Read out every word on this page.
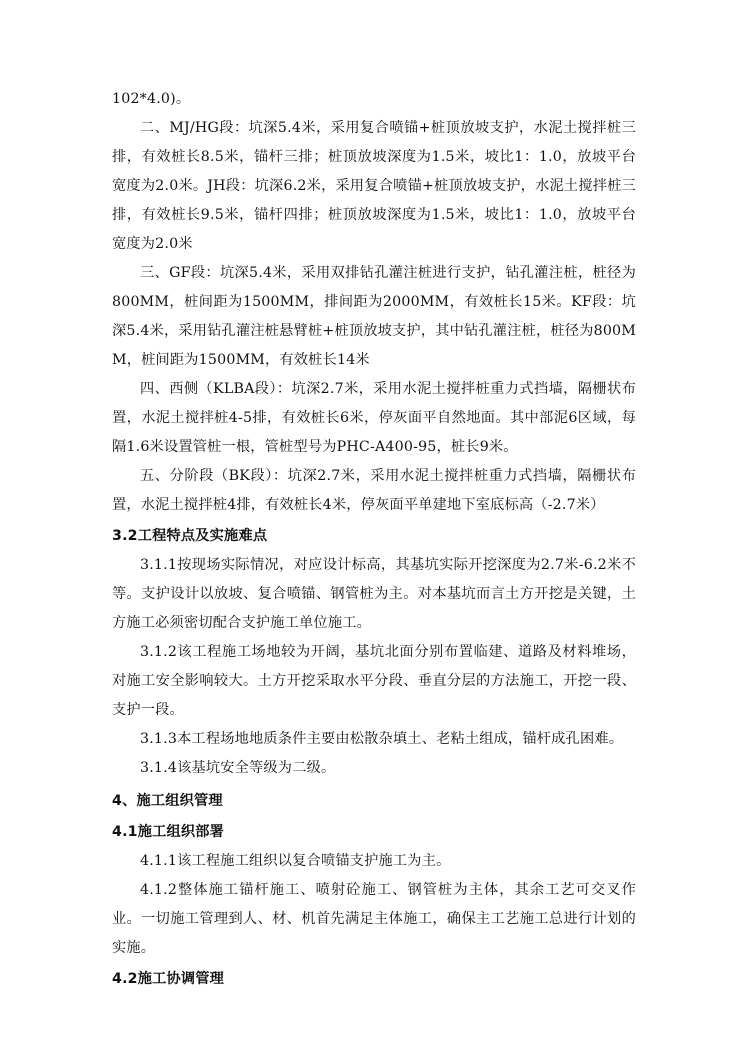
102*4.0)。

二、MJ/HG段：坑深5.4米，采用复合喷锚+桩顶放坡支护，水泥土搅拌桩三排，有效桩长8.5米，锚杆三排；桩顶放坡深度为1.5米，坡比1：1.0，放坡平台宽度为2.0米。JH段：坑深6.2米，采用复合喷锚+桩顶放坡支护，水泥土搅拌桩三排，有效桩长9.5米，锚杆四排；桩顶放坡深度为1.5米，坡比1：1.0，放坡平台宽度为2.0米

三、GF段：坑深5.4米，采用双排钻孔灌注桩进行支护，钻孔灌注桩，桩径为800MM，桩间距为1500MM，排间距为2000MM，有效桩长15米。KF段：坑深5.4米，采用钻孔灌注桩悬臂桩+桩顶放坡支护，其中钻孔灌注桩，桩径为800MM，桩间距为1500MM，有效桩长14米

四、西侧（KLBA段）：坑深2.7米，采用水泥土搅拌桩重力式挡墙，隔栅状布置，水泥土搅拌桩4-5排，有效桩长6米，停灰面平自然地面。其中部泥6区域，每隔1.6米设置管桩一根，管桩型号为PHC-A400-95，桩长9米。

五、分阶段（BK段）：坑深2.7米，采用水泥土搅拌桩重力式挡墙，隔栅状布置，水泥土搅拌桩4排，有效桩长4米，停灰面平单建地下室底标高（-2.7米）

3.2工程特点及实施难点

3.1.1按现场实际情况，对应设计标高，其基坑实际开挖深度为2.7米-6.2米不等。支护设计以放坡、复合喷锚、钢管桩为主。对本基坑而言土方开挖是关键，土方施工必须密切配合支护施工单位施工。

3.1.2该工程施工场地较为开阔，基坑北面分别布置临建、道路及材料堆场，对施工安全影响较大。土方开挖采取水平分段、垂直分层的方法施工，开挖一段、支护一段。

3.1.3本工程场地地质条件主要由松散杂填土、老粘土组成，锚杆成孔困难。

3.1.4该基坑安全等级为二级。

4、施工组织管理
4.1施工组织部署

4.1.1该工程施工组织以复合喷锚支护施工为主。

4.1.2整体施工锚杆施工、喷射砼施工、钢管桩为主体，其余工艺可交叉作业。一切施工管理到人、材、机首先满足主体施工，确保主工艺施工总进行计划的实施。

4.2施工协调管理
